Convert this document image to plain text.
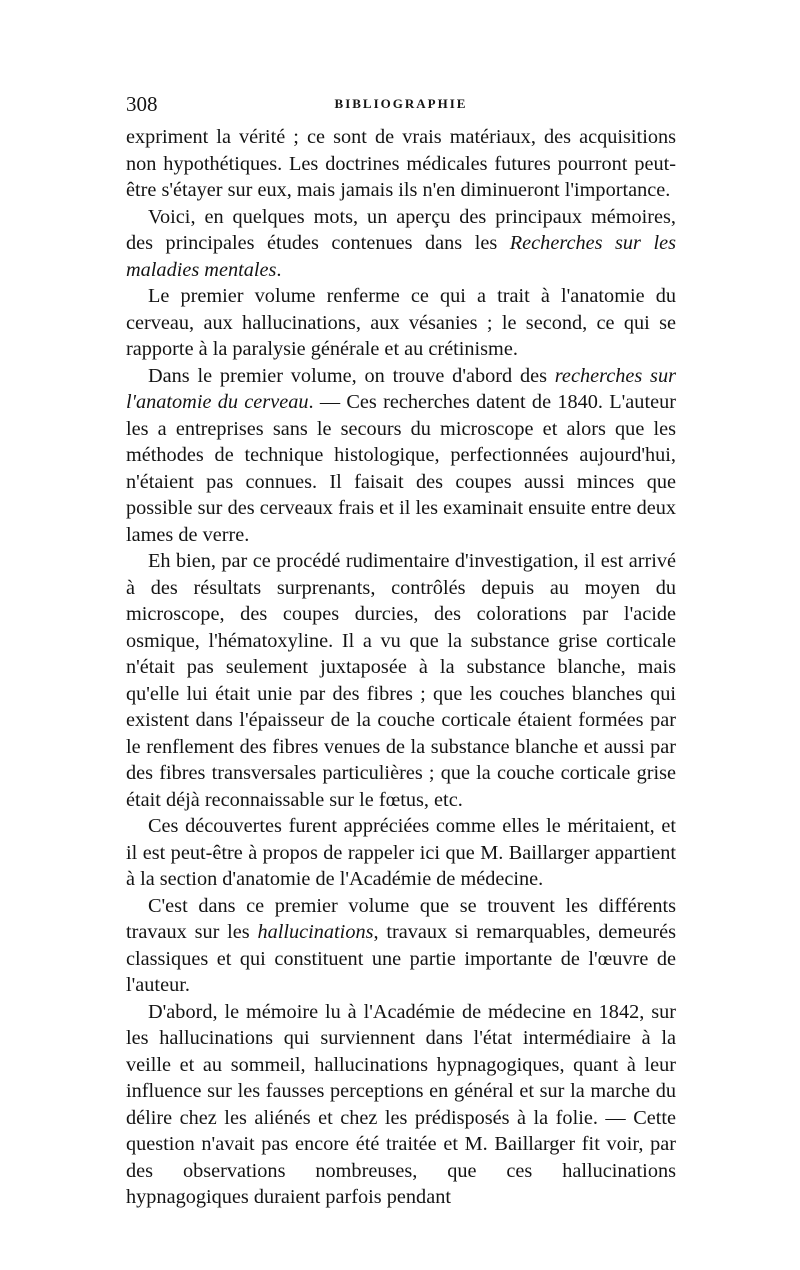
308	BIBLIOGRAPHIE

expriment la vérité ; ce sont de vrais matériaux, des acquisitions non hypothétiques. Les doctrines médicales futures pourront peut-être s'étayer sur eux, mais jamais ils n'en diminueront l'importance.

Voici, en quelques mots, un aperçu des principaux mémoires, des principales études contenues dans les Recherches sur les maladies mentales.

Le premier volume renferme ce qui a trait à l'anatomie du cerveau, aux hallucinations, aux vésanies ; le second, ce qui se rapporte à la paralysie générale et au crétinisme.

Dans le premier volume, on trouve d'abord des recherches sur l'anatomie du cerveau. — Ces recherches datent de 1840. L'auteur les a entreprises sans le secours du microscope et alors que les méthodes de technique histologique, perfectionnées aujourd'hui, n'étaient pas connues. Il faisait des coupes aussi minces que possible sur des cerveaux frais et il les examinait ensuite entre deux lames de verre.

Eh bien, par ce procédé rudimentaire d'investigation, il est arrivé à des résultats surprenants, contrôlés depuis au moyen du microscope, des coupes durcies, des colorations par l'acide osmique, l'hématoxyline. Il a vu que la substance grise corticale n'était pas seulement juxtaposée à la substance blanche, mais qu'elle lui était unie par des fibres ; que les couches blanches qui existent dans l'épaisseur de la couche corticale étaient formées par le renflement des fibres venues de la substance blanche et aussi par des fibres transversales particulières ; que la couche corticale grise était déjà reconnaissable sur le fœtus, etc.

Ces découvertes furent appréciées comme elles le méritaient, et il est peut-être à propos de rappeler ici que M. Baillarger appartient à la section d'anatomie de l'Académie de médecine.

C'est dans ce premier volume que se trouvent les différents travaux sur les hallucinations, travaux si remarquables, demeurés classiques et qui constituent une partie importante de l'œuvre de l'auteur.

D'abord, le mémoire lu à l'Académie de médecine en 1842, sur les hallucinations qui surviennent dans l'état intermédiaire à la veille et au sommeil, hallucinations hypnagogiques, quant à leur influence sur les fausses perceptions en général et sur la marche du délire chez les aliénés et chez les prédisposés à la folie. — Cette question n'avait pas encore été traitée et M. Baillarger fit voir, par des observations nombreuses, que ces hallucinations hypnagogiques duraient parfois pendant
